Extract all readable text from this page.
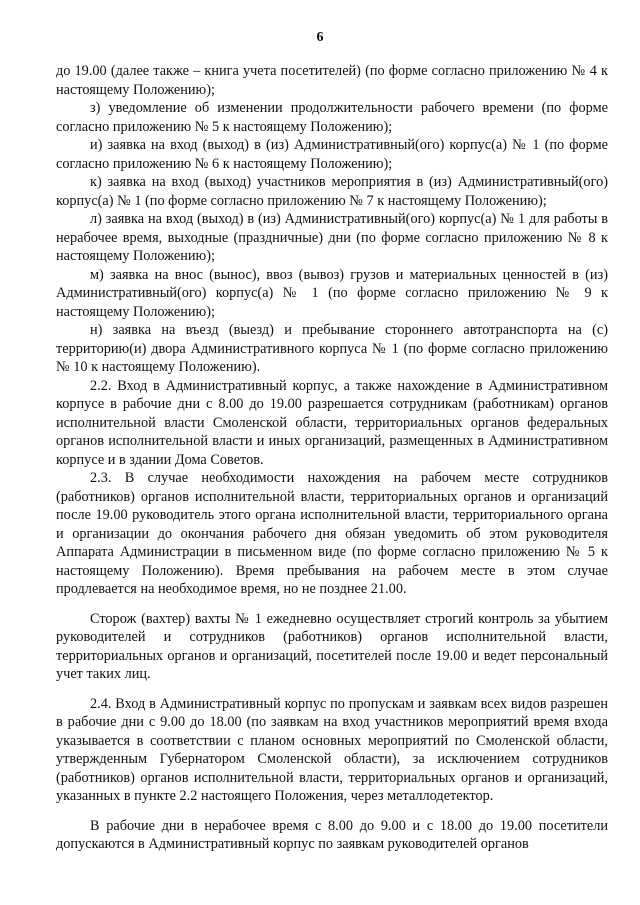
6

до 19.00 (далее также – книга учета посетителей) (по форме согласно приложению № 4 к настоящему Положению);

з) уведомление об изменении продолжительности рабочего времени (по форме согласно приложению № 5 к настоящему Положению);

и) заявка на вход (выход) в (из) Административный(ого) корпус(а) № 1 (по форме согласно приложению № 6 к настоящему Положению);

к) заявка на вход (выход) участников мероприятия в (из) Административный(ого) корпус(а) № 1 (по форме согласно приложению № 7 к настоящему Положению);

л) заявка на вход (выход) в (из) Административный(ого) корпус(а) № 1 для работы в нерабочее время, выходные (праздничные) дни (по форме согласно приложению № 8 к настоящему Положению);

м) заявка на внос (вынос), ввоз (вывоз) грузов и материальных ценностей в (из) Административный(ого) корпус(а) № 1 (по форме согласно приложению № 9 к настоящему Положению);

н) заявка на въезд (выезд) и пребывание стороннего автотранспорта на (с) территорию(и) двора Административного корпуса № 1 (по форме согласно приложению № 10 к настоящему Положению).

2.2. Вход в Административный корпус, а также нахождение в Административном корпусе в рабочие дни с 8.00 до 19.00 разрешается сотрудникам (работникам) органов исполнительной власти Смоленской области, территориальных органов федеральных органов исполнительной власти и иных организаций, размещенных в Административном корпусе и в здании Дома Советов.

2.3. В случае необходимости нахождения на рабочем месте сотрудников (работников) органов исполнительной власти, территориальных органов и организаций после 19.00 руководитель этого органа исполнительной власти, территориального органа и организации до окончания рабочего дня обязан уведомить об этом руководителя Аппарата Администрации в письменном виде (по форме согласно приложению № 5 к настоящему Положению). Время пребывания на рабочем месте в этом случае продлевается на необходимое время, но не позднее 21.00.

Сторож (вахтер) вахты № 1 ежедневно осуществляет строгий контроль за убытием руководителей и сотрудников (работников) органов исполнительной власти, территориальных органов и организаций, посетителей после 19.00 и ведет персональный учет таких лиц.

2.4. Вход в Административный корпус по пропускам и заявкам всех видов разрешен в рабочие дни с 9.00 до 18.00 (по заявкам на вход участников мероприятий время входа указывается в соответствии с планом основных мероприятий по Смоленской области, утвержденным Губернатором Смоленской области), за исключением сотрудников (работников) органов исполнительной власти, территориальных органов и организаций, указанных в пункте 2.2 настоящего Положения, через металлодетектор.

В рабочие дни в нерабочее время с 8.00 до 9.00 и с 18.00 до 19.00 посетители допускаются в Административный корпус по заявкам руководителей органов
